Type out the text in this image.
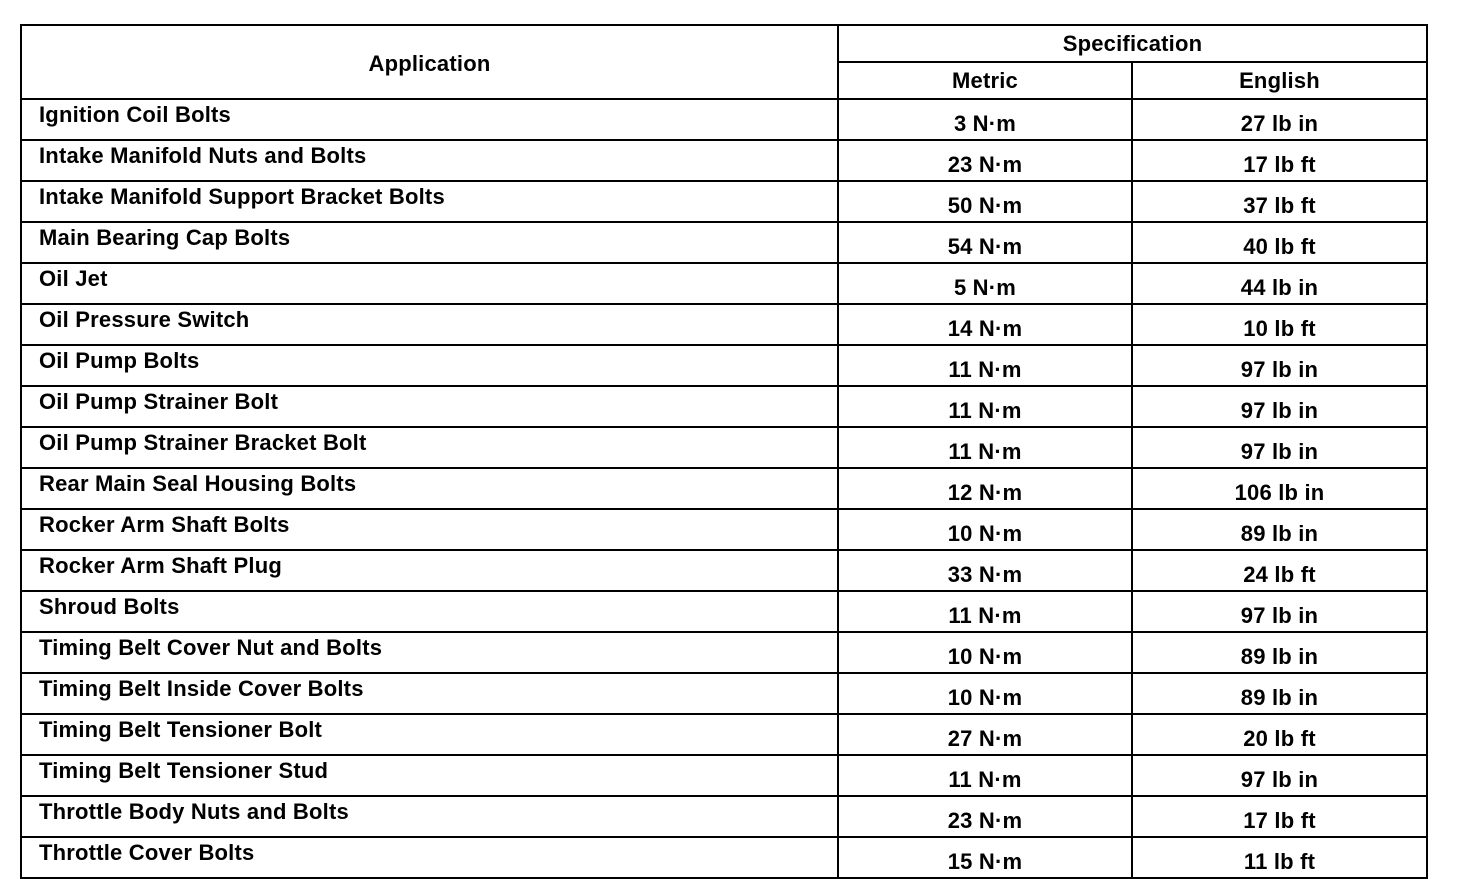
Application	Specification	
	Metric	English
Ignition Coil Bolts	3 N·m	27 lb in
Intake Manifold Nuts and Bolts	23 N·m	17 lb ft
Intake Manifold Support Bracket Bolts	50 N·m	37 lb ft
Main Bearing Cap Bolts	54 N·m	40 lb ft
Oil Jet	5 N·m	44 lb in
Oil Pressure Switch	14 N·m	10 lb ft
Oil Pump Bolts	11 N·m	97 lb in
Oil Pump Strainer Bolt	11 N·m	97 lb in
Oil Pump Strainer Bracket Bolt	11 N·m	97 lb in
Rear Main Seal Housing Bolts	12 N·m	106 lb in
Rocker Arm Shaft Bolts	10 N·m	89 lb in
Rocker Arm Shaft Plug	33 N·m	24 lb ft
Shroud Bolts	11 N·m	97 lb in
Timing Belt Cover Nut and Bolts	10 N·m	89 lb in
Timing Belt Inside Cover Bolts	10 N·m	89 lb in
Timing Belt Tensioner Bolt	27 N·m	20 lb ft
Timing Belt Tensioner Stud	11 N·m	97 lb in
Throttle Body Nuts and Bolts	23 N·m	17 lb ft
Throttle Cover Bolts	15 N·m	11 lb ft
